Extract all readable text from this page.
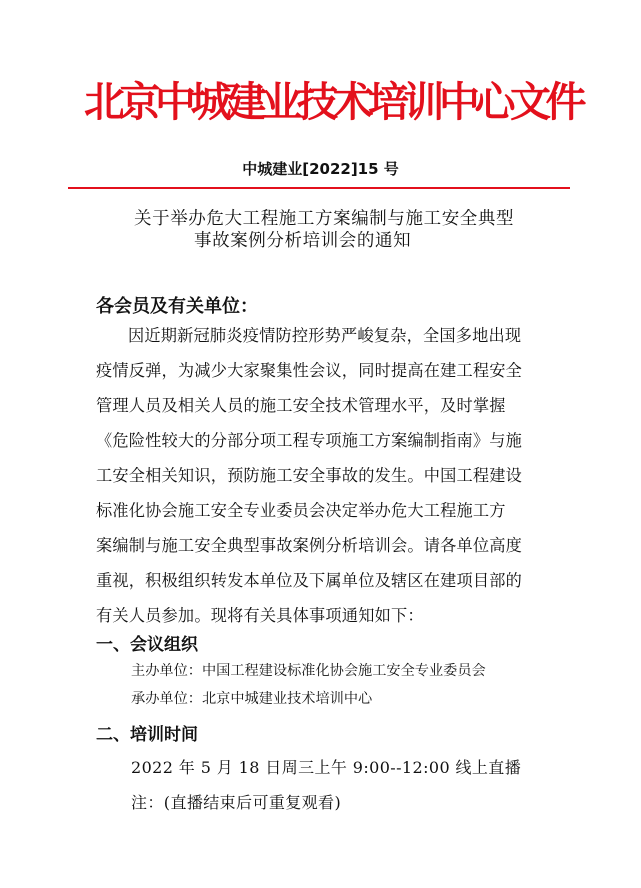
北京中城建业技术培训中心文件
中城建业[2022]15 号
关于举办危大工程施工方案编制与施工安全典型
事故案例分析培训会的通知
各会员及有关单位：
因近期新冠肺炎疫情防控形势严峻复杂，全国多地出现
疫情反弹，为减少大家聚集性会议，同时提高在建工程安全
管理人员及相关人员的施工安全技术管理水平，及时掌握
《危险性较大的分部分项工程专项施工方案编制指南》与施
工安全相关知识，预防施工安全事故的发生。中国工程建设
标准化协会施工安全专业委员会决定举办危大工程施工方
案编制与施工安全典型事故案例分析培训会。请各单位高度
重视，积极组织转发本单位及下属单位及辖区在建项目部的
有关人员参加。现将有关具体事项通知如下：
一、会议组织
主办单位：中国工程建设标准化协会施工安全专业委员会
承办单位：北京中城建业技术培训中心
二、培训时间
2022 年 5 月 18 日周三上午 9:00--12:00 线上直播
注：(直播结束后可重复观看)
